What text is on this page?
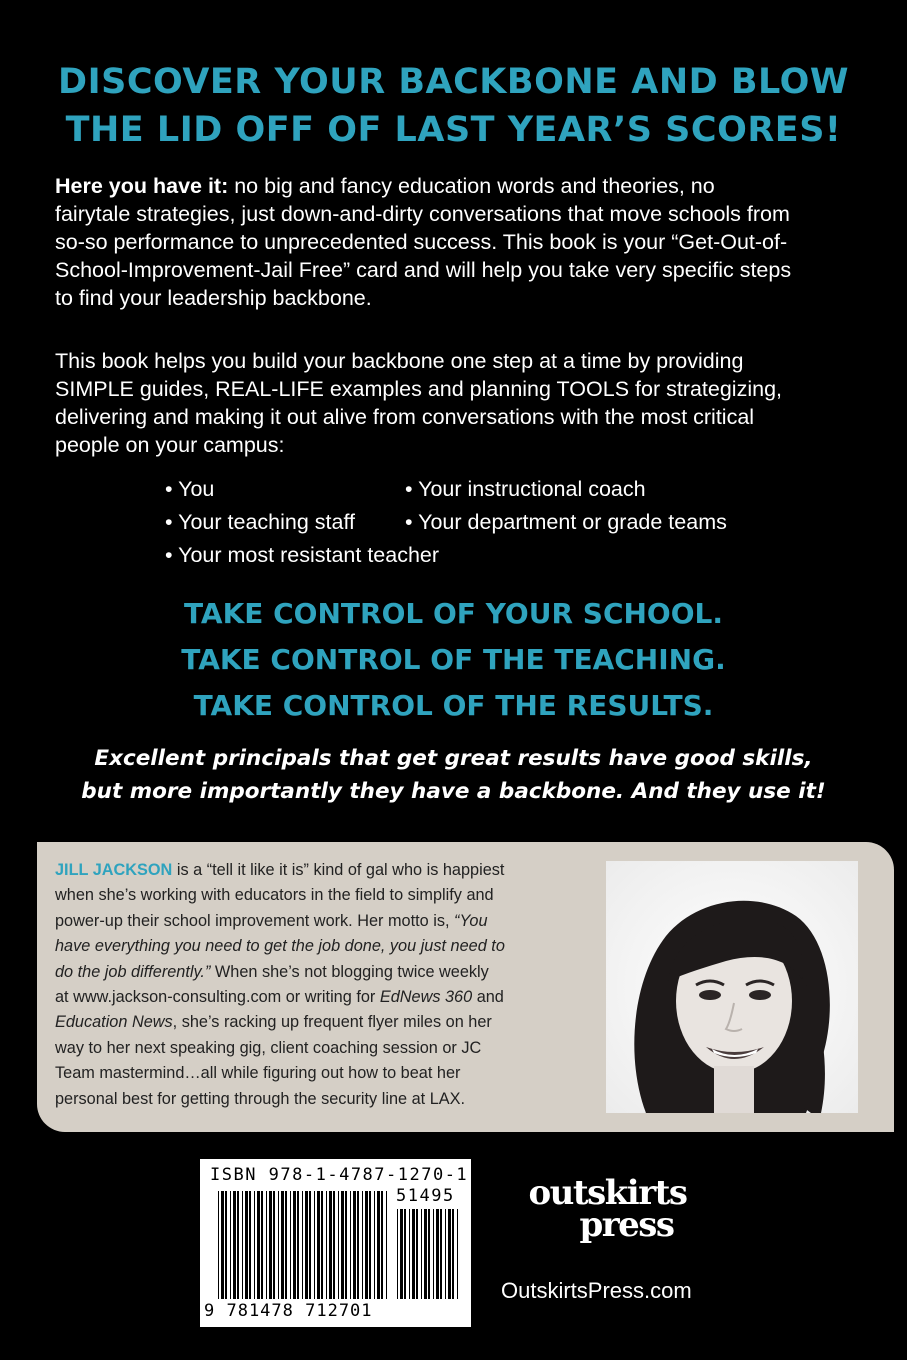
DISCOVER YOUR BACKBONE AND BLOW
THE LID OFF OF LAST YEAR’S SCORES!
Here you have it: no big and fancy education words and theories, no
fairytale strategies, just down-and-dirty conversations that move schools from
so-so performance to unprecedented success. This book is your “Get-Out-of-
School-Improvement-Jail Free” card and will help you take very specific steps
to find your leadership backbone.
This book helps you build your backbone one step at a time by providing
SIMPLE guides, REAL-LIFE examples and planning TOOLS for strategizing,
delivering and making it out alive from conversations with the most critical
people on your campus:
• You	• Your instructional coach
• Your teaching staff • Your department or grade teams
• Your most resistant teacher
TAKE CONTROL OF YOUR SCHOOL.
TAKE CONTROL OF THE TEACHING.
TAKE CONTROL OF THE RESULTS.
Excellent principals that get great results have good skills,
but more importantly they have a backbone. And they use it!
JILL JACKSON is a “tell it like it is” kind of gal who is happiest
when she’s working with educators in the field to simplify and
power-up their school improvement work. Her motto is, “You
have everything you need to get the job done, you just need to
do the job differently.” When she’s not blogging twice weekly
at www.jackson-consulting.com or writing for EdNews 360 and
Education News, she’s racking up frequent flyer miles on her
way to her next speaking gig, client coaching session or JC
Team mastermind…all while figuring out how to beat her
personal best for getting through the security line at LAX.
ISBN 978-1-4787-1270-1
51495
9 781478 712701
outskirts
press
OutskirtsPress.com
